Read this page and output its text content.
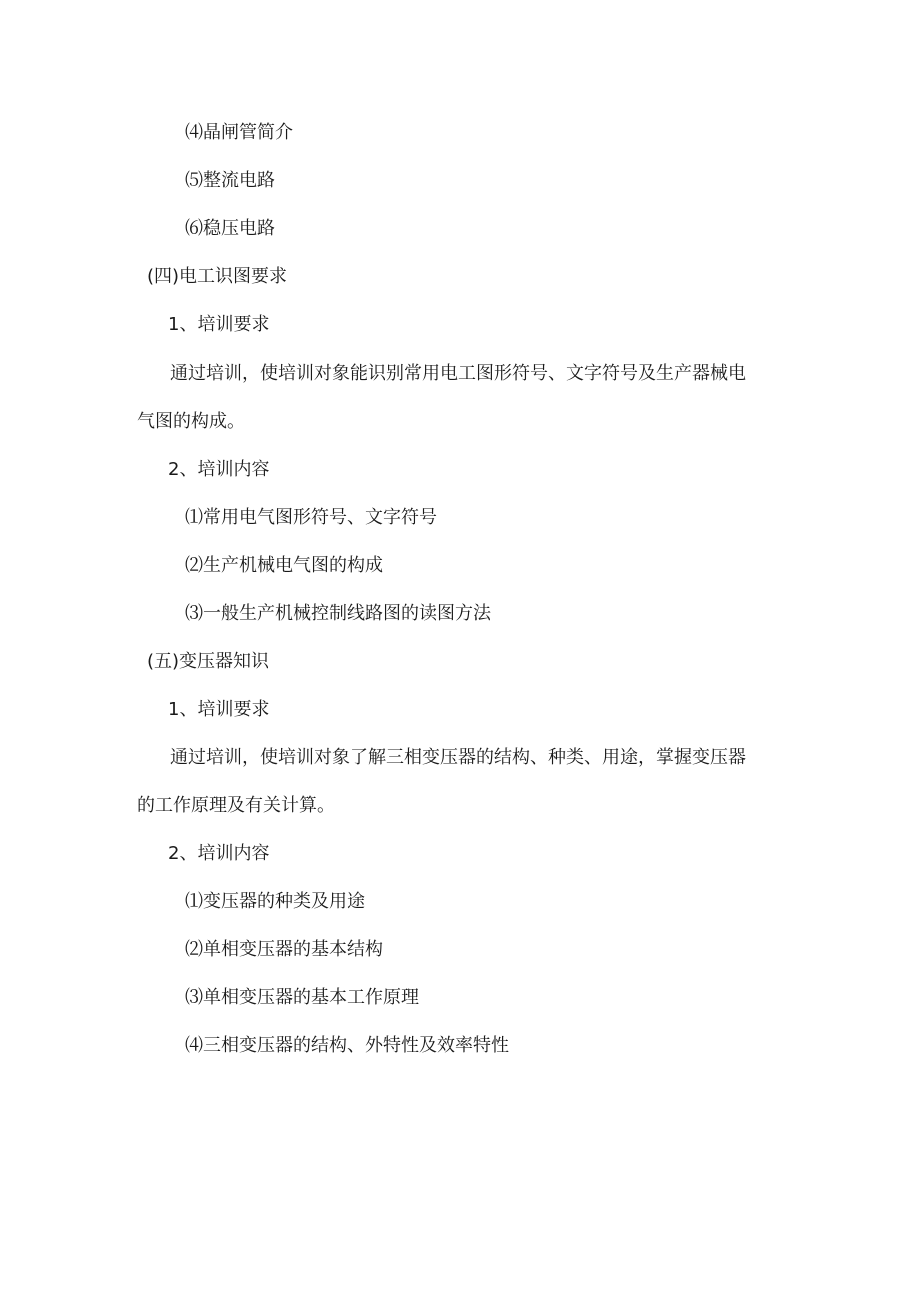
⑷晶闸管简介

⑸整流电路

⑹稳压电路

(四)电工识图要求

1、培训要求

通过培训，使培训对象能识别常用电工图形符号、文字符号及生产器械电

气图的构成。

2、培训内容

⑴常用电气图形符号、文字符号

⑵生产机械电气图的构成

⑶一般生产机械控制线路图的读图方法

(五)变压器知识

1、培训要求

通过培训，使培训对象了解三相变压器的结构、种类、用途，掌握变压器

的工作原理及有关计算。

2、培训内容

⑴变压器的种类及用途

⑵单相变压器的基本结构

⑶单相变压器的基本工作原理

⑷三相变压器的结构、外特性及效率特性
